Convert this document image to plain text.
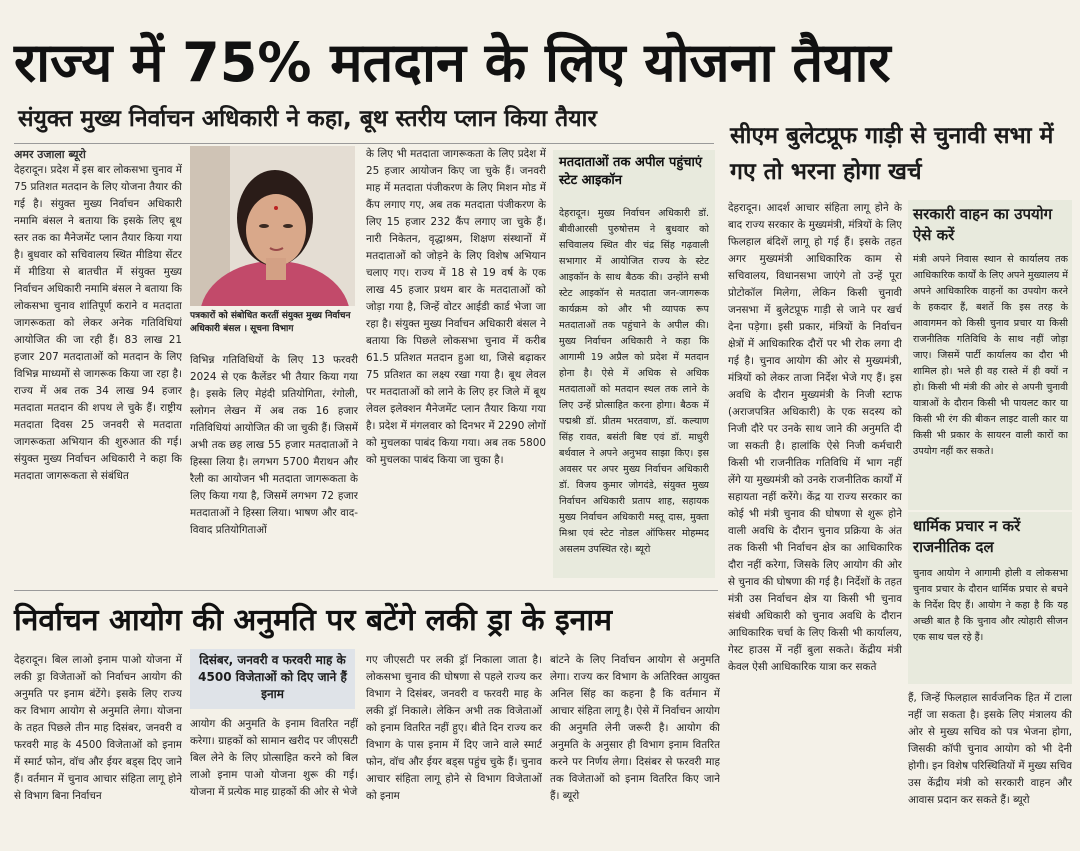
राज्य में 75% मतदान के लिए योजना तैयार
संयुक्त मुख्य निर्वाचन अधिकारी ने कहा, बूथ स्तरीय प्लान किया तैयार
अमर उजाला ब्यूरो
देहरादून। प्रदेश में इस बार लोकसभा चुनाव में 75 प्रतिशत मतदान के लिए योजना तैयार की गई है। संयुक्त मुख्य निर्वाचन अधिकारी नमामि बंसल ने बताया कि इसके लिए बूथ स्तर तक का मैनेजमेंट प्लान तैयार किया गया है। बुधवार को सचिवालय स्थित मीडिया सेंटर में मीडिया से बातचीत में संयुक्त मुख्य निर्वाचन अधिकारी नमामि बंसल ने बताया कि लोकसभा चुनाव शांतिपूर्ण कराने व मतदाता जागरूकता को लेकर अनेक गतिविधियां आयोजित की जा रही हैं। 83 लाख 21 हजार 207 मतदाताओं को मतदान के लिए विभिन्न माध्यमों से जागरूक किया जा रहा है। राज्य में अब तक 34 लाख 94 हजार मतदाता मतदान की शपथ ले चुके हैं। राष्ट्रीय मतदाता दिवस 25 जनवरी से मतदाता जागरूकता अभियान की शुरुआत की गई। संयुक्त मुख्य निर्वाचन अधिकारी ने कहा कि मतदाता जागरूकता से संबंधित
पत्रकारों को संबोधित करतीं संयुक्त मुख्य निर्वाचन अधिकारी बंसल । सूचना विभाग
विभिन्न गतिविधियों के लिए 13 फरवरी 2024 से एक कैलेंडर भी तैयार किया गया है। इसके लिए मेहंदी प्रतियोगिता, रंगोली, स्लोगन लेखन में अब तक 16 हजार गतिविधियां आयोजित की जा चुकी हैं। जिसमें अभी तक छह लाख 55 हजार मतदाताओं ने हिस्सा लिया है। लगभग 5700 मैराथन और रैली का आयोजन भी मतदाता जागरूकता के लिए किया गया है, जिसमें लगभग 72 हजार मतदाताओं ने हिस्सा लिया। भाषण और वाद-विवाद प्रतियोगिताओं
के लिए भी मतदाता जागरूकता के लिए प्रदेश में 25 हजार आयोजन किए जा चुके हैं। जनवरी माह में मतदाता पंजीकरण के लिए मिशन मोड में कैंप लगाए गए, अब तक मतदाता पंजीकरण के लिए 15 हजार 232 कैंप लगाए जा चुके हैं। नारी निकेतन, वृद्धाश्रम, शिक्षण संस्थानों में मतदाताओं को जोड़ने के लिए विशेष अभियान चलाए गए। राज्य में 18 से 19 वर्ष के एक लाख 45 हजार प्रथम बार के मतदाताओं को जोड़ा गया है, जिन्हें वोटर आईडी कार्ड भेजा जा रहा है। संयुक्त मुख्य निर्वाचन अधिकारी बंसल ने बताया कि पिछले लोकसभा चुनाव में करीब 61.5 प्रतिशत मतदान हुआ था, जिसे बढ़ाकर 75 प्रतिशत का लक्ष्य रखा गया है। बूथ लेवल पर मतदाताओं को लाने के लिए हर जिले में बूथ लेवल इलेक्शन मैनेजमेंट प्लान तैयार किया गया है। प्रदेश में मंगलवार को दिनभर में 2290 लोगों को मुचलका पाबंद किया गया। अब तक 5800 को मुचलका पाबंद किया जा चुका है।
मतदाताओं तक अपील पहुंचाएं स्टेट आइकॉन
देहरादून। मुख्य निर्वाचन अधिकारी डॉ. बीवीआरसी पुरुषोत्तम ने बुधवार को सचिवालय स्थित वीर चंद्र सिंह गढ़वाली सभागार में आयोजित राज्य के स्टेट आइकॉन के साथ बैठक की। उन्होंने सभी स्टेट आइकॉन से मतदाता जन-जागरूक कार्यक्रम को और भी व्यापक रूप मतदाताओं तक पहुंचाने के अपील की। मुख्य निर्वाचन अधिकारी ने कहा कि आगामी 19 अप्रैल को प्रदेश में मतदान होना है। ऐसे में अधिक से अधिक मतदाताओं को मतदान स्थल तक लाने के लिए उन्हें प्रोत्साहित करना होगा। बैठक में पद्मश्री डॉ. प्रीतम भरतवाण, डॉ. कल्याण सिंह रावत, बसंती बिष्ट एवं डॉ. माधुरी बर्थवाल ने अपने अनुभव साझा किए। इस अवसर पर अपर मुख्य निर्वाचन अधिकारी डॉ. विजय कुमार जोगदंडे, संयुक्त मुख्य निर्वाचन अधिकारी प्रताप शाह, सहायक मुख्य निर्वाचन अधिकारी मस्तू दास, मुक्ता मिश्रा एवं स्टेट नोडल ऑफिसर मोहम्मद असलम उपस्थित रहे। ब्यूरो
सीएम बुलेटप्रूफ गाड़ी से चुनावी सभा में गए तो भरना होगा खर्च
देहरादून। आदर्श आचार संहिता लागू होने के बाद राज्य सरकार के मुख्यमंत्री, मंत्रियों के लिए फिलहाल बंदिशें लागू हो गई हैं। इसके तहत अगर मुख्यमंत्री आधिकारिक काम से सचिवालय, विधानसभा जाएंगे तो उन्हें पूरा प्रोटोकॉल मिलेगा, लेकिन किसी चुनावी जनसभा में बुलेटप्रूफ गाड़ी से जाने पर खर्च देना पड़ेगा। इसी प्रकार, मंत्रियों के निर्वाचन क्षेत्रों में आधिकारिक दौरों पर भी रोक लगा दी गई है। चुनाव आयोग की ओर से मुख्यमंत्री, मंत्रियों को लेकर ताजा निर्देश भेजे गए हैं। इस अवधि के दौरान मुख्यमंत्री के निजी स्टाफ (अराजपत्रित अधिकारी) के एक सदस्य को निजी दौरे पर उनके साथ जाने की अनुमति दी जा सकती है। हालांकि ऐसे निजी कर्मचारी किसी भी राजनीतिक गतिविधि में भाग नहीं लेंगे या मुख्यमंत्री को उनके राजनीतिक कार्यों में सहायता नहीं करेंगे। केंद्र या राज्य सरकार का कोई भी मंत्री चुनाव की घोषणा से शुरू होने वाली अवधि के दौरान चुनाव प्रक्रिया के अंत तक किसी भी निर्वाचन क्षेत्र का आधिकारिक दौरा नहीं करेगा, जिसके लिए आयोग की ओर से चुनाव की घोषणा की गई है। निर्देशों के तहत मंत्री उस निर्वाचन क्षेत्र या किसी भी चुनाव संबंधी अधिकारी को चुनाव अवधि के दौरान आधिकारिक चर्चा के लिए किसी भी कार्यालय, गेस्ट हाउस में नहीं बुला सकते। केंद्रीय मंत्री केवल ऐसी आधिकारिक यात्रा कर सकते
सरकारी वाहन का उपयोग ऐसे करें
मंत्री अपने निवास स्थान से कार्यालय तक आधिकारिक कार्यों के लिए अपने मुख्यालय में अपने आधिकारिक वाहनों का उपयोग करने के हकदार हैं, बशर्ते कि इस तरह के आवागमन को किसी चुनाव प्रचार या किसी राजनीतिक गतिविधि के साथ नहीं जोड़ा जाए। जिसमें पार्टी कार्यालय का दौरा भी शामिल हो। भले ही वह रास्ते में ही क्यों न हो। किसी भी मंत्री की ओर से अपनी चुनावी यात्राओं के दौरान किसी भी पायलट कार या किसी भी रंग की बीकन लाइट वाली कार या किसी भी प्रकार के सायरन वाली कारों का उपयोग नहीं कर सकते।
धार्मिक प्रचार न करें राजनीतिक दल
चुनाव आयोग ने आगामी होली व लोकसभा चुनाव प्रचार के दौरान धार्मिक प्रचार से बचने के निर्देश दिए हैं। आयोग ने कहा है कि यह अच्छी बात है कि चुनाव और त्योहारी सीजन एक साथ चल रहे हैं।
हैं, जिन्हें फिलहाल सार्वजनिक हित में टाला नहीं जा सकता है। इसके लिए मंत्रालय की ओर से मुख्य सचिव को पत्र भेजना होगा, जिसकी कॉपी चुनाव आयोग को भी देनी होगी। इन विशेष परिस्थितियों में मुख्य सचिव उस केंद्रीय मंत्री को सरकारी वाहन और आवास प्रदान कर सकते हैं। ब्यूरो
निर्वाचन आयोग की अनुमति पर बटेंगे लकी ड्रा के इनाम
देहरादून। बिल लाओ इनाम पाओ योजना में लकी ड्रा विजेताओं को निर्वाचन आयोग की अनुमति पर इनाम बंटेंगे। इसके लिए राज्य कर विभाग आयोग से अनुमति लेगा। योजना के तहत पिछले तीन माह दिसंबर, जनवरी व फरवरी माह के 4500 विजेताओं को इनाम में स्मार्ट फोन, वॉच और ईयर बड्स दिए जाने हैं। वर्तमान में चुनाव आचार संहिता लागू होने से विभाग बिना निर्वाचन
दिसंबर, जनवरी व फरवरी माह के 4500 विजेताओं को दिए जाने हैं इनाम
आयोग की अनुमति के इनाम वितरित नहीं करेगा। ग्राहकों को सामान खरीद पर जीएसटी बिल लेने के लिए प्रोत्साहित करने को बिल लाओ इनाम पाओ योजना शुरू की गई। योजना में प्रत्येक माह ग्राहकों की ओर से भेजे
गए जीएसटी पर लकी ड्रॉ निकाला जाता है। लोकसभा चुनाव की घोषणा से पहले राज्य कर विभाग ने दिसंबर, जनवरी व फरवरी माह के लकी ड्रॉ निकाले। लेकिन अभी तक विजेताओं को इनाम वितरित नहीं हुए। बीते दिन राज्य कर विभाग के पास इनाम में दिए जाने वाले स्मार्ट फोन, वॉच और ईयर बड्स पहुंच चुके हैं। चुनाव आचार संहिता लागू होने से विभाग विजेताओं को इनाम
बांटने के लिए निर्वाचन आयोग से अनुमति लेगा। राज्य कर विभाग के अतिरिक्त आयुक्त अनिल सिंह का कहना है कि वर्तमान में आचार संहिता लागू है। ऐसे में निर्वाचन आयोग की अनुमति लेनी जरूरी है। आयोग की अनुमति के अनुसार ही विभाग इनाम वितरित करने पर निर्णय लेगा। दिसंबर से फरवरी माह तक विजेताओं को इनाम वितरित किए जाने हैं। ब्यूरो
